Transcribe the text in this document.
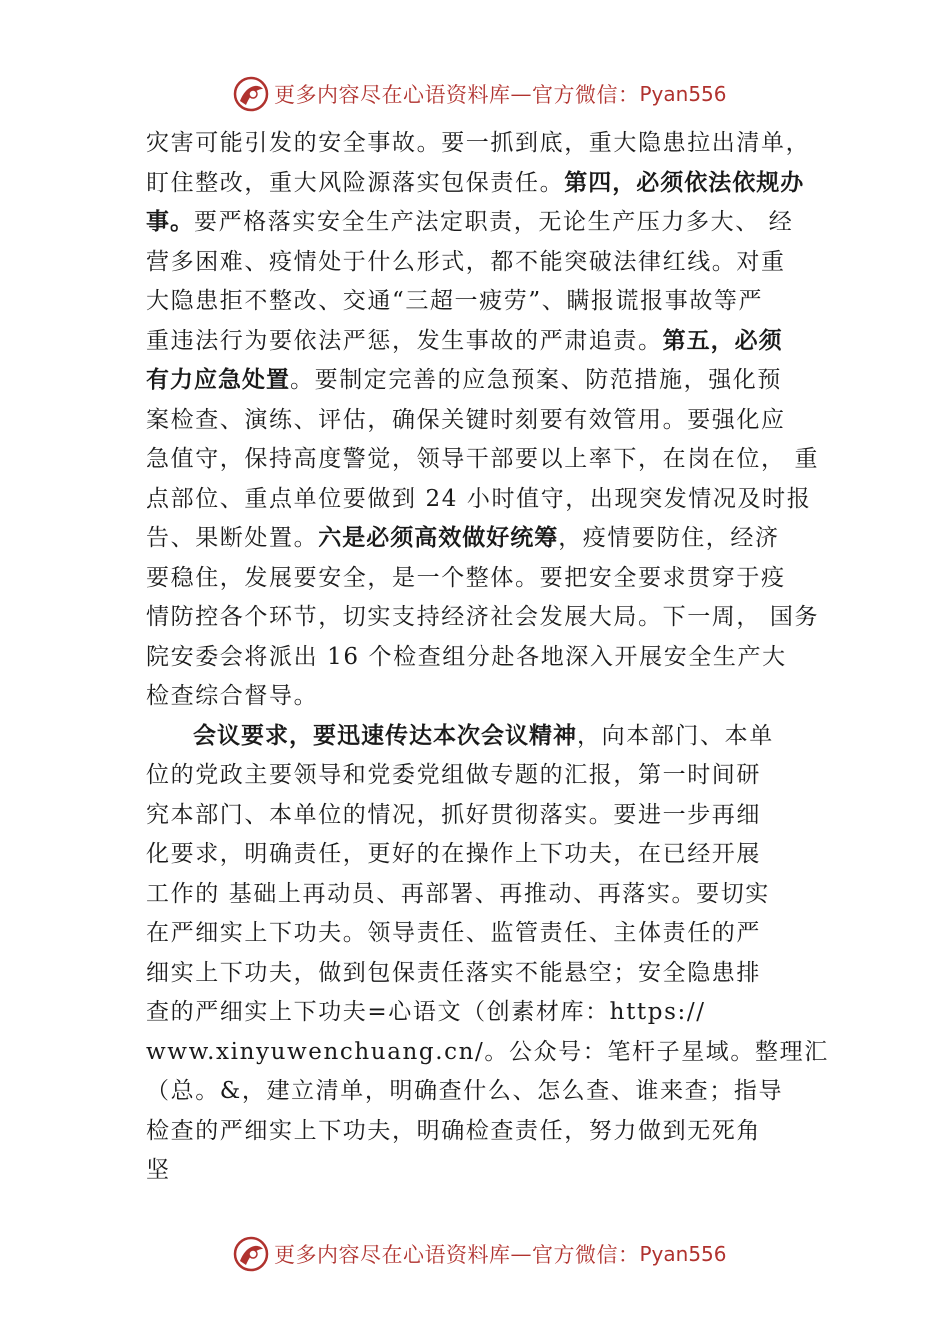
更多内容尽在心语资料库 — 官方微信： Pyan556
灾害可能引发的安全事故。要一抓到底，重大隐患拉出清单，
盯住整改，重大风险源落实包保责任。第四，必须依法依规办
事。要严格落实安全生产法定职责，无论生产压力多大、 经
营多困难、疫情处于什么形式，都不能突破法律红线。对重
大隐患拒不整改、交通“三超一疲劳”、瞒报谎报事故等严
重违法行为要依法严惩，发生事故的严肃追责。第五，必须
有力应急处置。要制定完善的应急预案、防范措施，强化预
案检查、演练、评估，确保关键时刻要有效管用。要强化应
急值守，保持高度警觉，领导干部要以上率下，在岗在位， 重
点部位、重点单位要做到 24 小时值守，出现突发情况及时报
告、果断处置。六是必须高效做好统筹，疫情要防住，经济
要稳住，发展要安全，是一个整体。要把安全要求贯穿于疫
情防控各个环节，切实支持经济社会发展大局。下一周， 国务
院安委会将派出 16 个检查组分赴各地深入开展安全生产大
检查综合督导。
会议要求，要迅速传达本次会议精神，向本部门、本单
位的党政主要领导和党委党组做专题的汇报，第一时间研
究本部门、本单位的情况，抓好贯彻落实。要进一步再细
化要求，明确责任，更好的在操作上下功夫，在已经开展
工作的 基础上再动员、再部署、再推动、再落实。要切实
在严细实上下功夫。领导责任、监管责任、主体责任的严
细实上下功夫，做到包保责任落实不能悬空；安全隐患排
查的严细实上下功夫=心语文（创素材库：https://
www.xinyuwenchuang.cn/。公众号：笔杆子星域。整理汇
（总。&，建立清单，明确查什么、怎么查、谁来查；指导
检查的严细实上下功夫，明确检查责任，努力做到无死角
坚
更多内容尽在心语资料库 — 官方微信： Pyan556
